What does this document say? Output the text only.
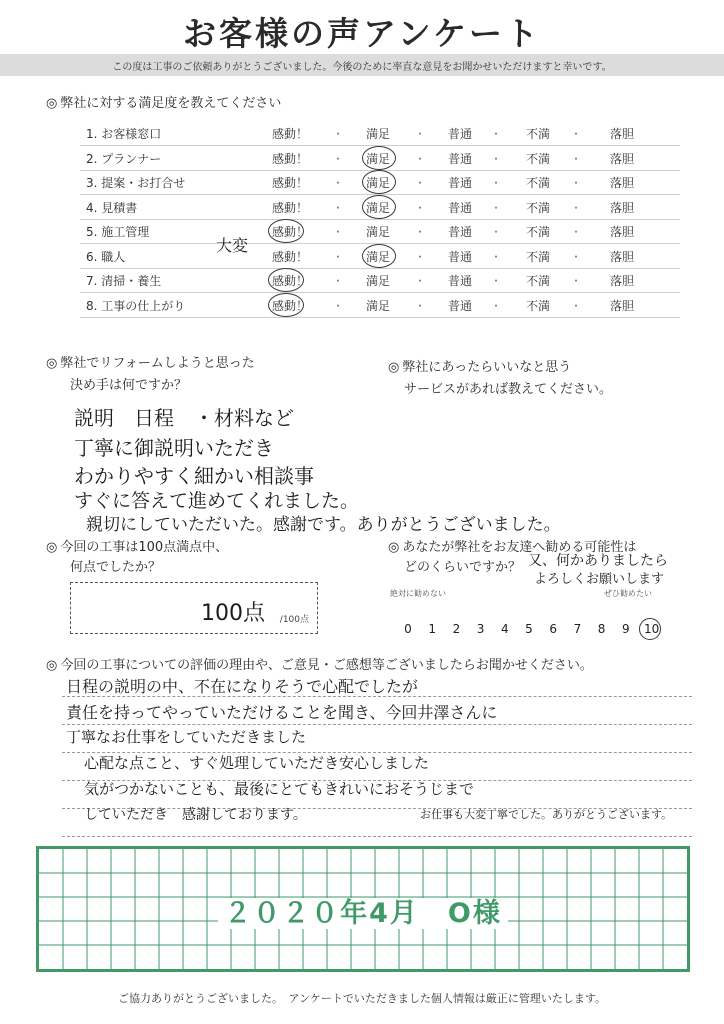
お客様の声アンケート
この度は工事のご依頼ありがとうございました。今後のために率直な意見をお聞かせいただけますと幸いです。
◎ 弊社に対する満足度を教えてください
1. お客様窓口	感動！	満足	普通	不満	落胆
・	・	・	・
2. プランナー	感動！	満足	普通	不満	落胆
・	・	・	・
3. 提案・お打合せ	感動！	満足	普通	不満	落胆
・	・	・	・
4. 見積書	感動！	満足	普通	不満	落胆
・	・	・	・
5. 施工管理	感動！	満足	普通	不満	落胆
・	・	・	・
6. 職人	感動！	満足	普通	不満	落胆
・	・	・	・
7. 清掃・養生	感動！	満足	普通	不満	落胆
・	・	・	・
8. 工事の仕上がり	感動！	満足	普通	不満	落胆
・	・	・	・
大変
◎ 弊社でリフォームしようと思った
決め手は何ですか？
説明　日程　・材料など
丁寧に御説明いただき
わかりやすく細かい相談事
すぐに答えて進めてくれました。
親切にしていただいた。感謝です。ありがとうございました。
◎ 弊社にあったらいいなと思う
サービスがあれば教えてください。
◎ 今回の工事は100点満点中、
何点でしたか？
100点 /100点
◎ あなたが弊社をお友達へ勧める可能性は
どのくらいですか？ 又、何かありましたら
よろしくお願いします
絶対に勧めない	ぜひ勧めたい
0 1 2 3 4 5 6 7 8 9 10
◎ 今回の工事についての評価の理由や、ご意見・ご感想等ございましたらお聞かせください。
日程の説明の中、不在になりそうで心配でしたが
責任を持ってやっていただけることを聞き、今回井澤さんに
丁寧なお仕事をしていただきました
心配な点こと、すぐ処理していただき安心しました
気がつかないことも、最後にとてもきれいにおそうじまで
していただき　感謝しております。	お仕事も大変丁寧でした。ありがとうございます。
２０２０年4月　O様
ご協力ありがとうございました。　アンケートでいただきました個人情報は厳正に管理いたします。
